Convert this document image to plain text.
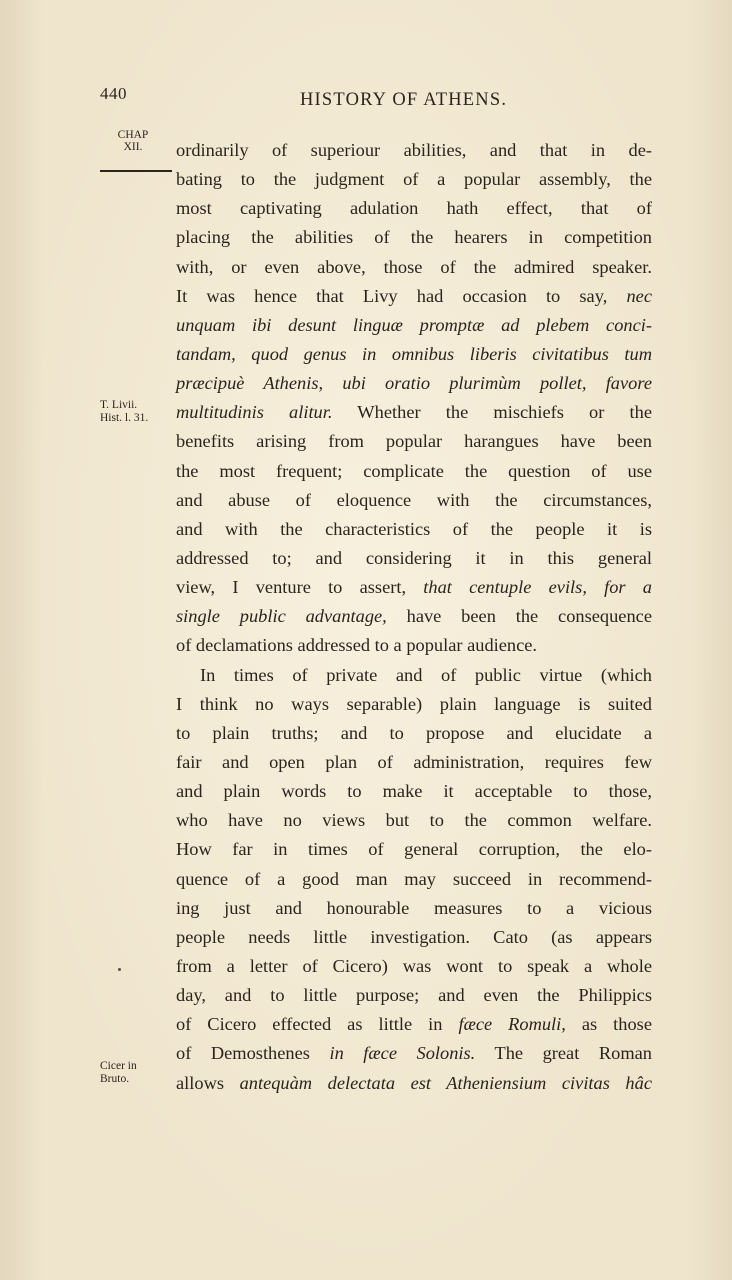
440	HISTORY OF ATHENS.
CHAP
XII.
T. Livii.
Hist. l. 31.
Cicer in
Bruto.
ordinarily of superiour abilities, and that in de-
bating to the judgment of a popular assembly, the
most captivating adulation hath effect, that of
placing the abilities of the hearers in competition
with, or even above, those of the admired speaker.
It was hence that Livy had occasion to say, nec
unquam ibi desunt linguæ promptæ ad plebem conci-
tandam, quod genus in omnibus liberis civitatibus tum
præcipuè Athenis, ubi oratio plurimùm pollet, favore
multitudinis alitur. Whether the mischiefs or the
benefits arising from popular harangues have been
the most frequent; complicate the question of use
and abuse of eloquence with the circumstances,
and with the characteristics of the people it is
addressed to; and considering it in this general
view, I venture to assert, that centuple evils, for a
single public advantage, have been the consequence
of declamations addressed to a popular audience.
In times of private and of public virtue (which
I think no ways separable) plain language is suited
to plain truths; and to propose and elucidate a
fair and open plan of administration, requires few
and plain words to make it acceptable to those,
who have no views but to the common welfare.
How far in times of general corruption, the elo-
quence of a good man may succeed in recommend-
ing just and honourable measures to a vicious
people needs little investigation. Cato (as appears
from a letter of Cicero) was wont to speak a whole
day, and to little purpose; and even the Philippics
of Cicero effected as little in fæce Romuli, as those
of Demosthenes in fæce Solonis. The great Roman
allows antequàm delectata est Atheniensium civitas hâc
